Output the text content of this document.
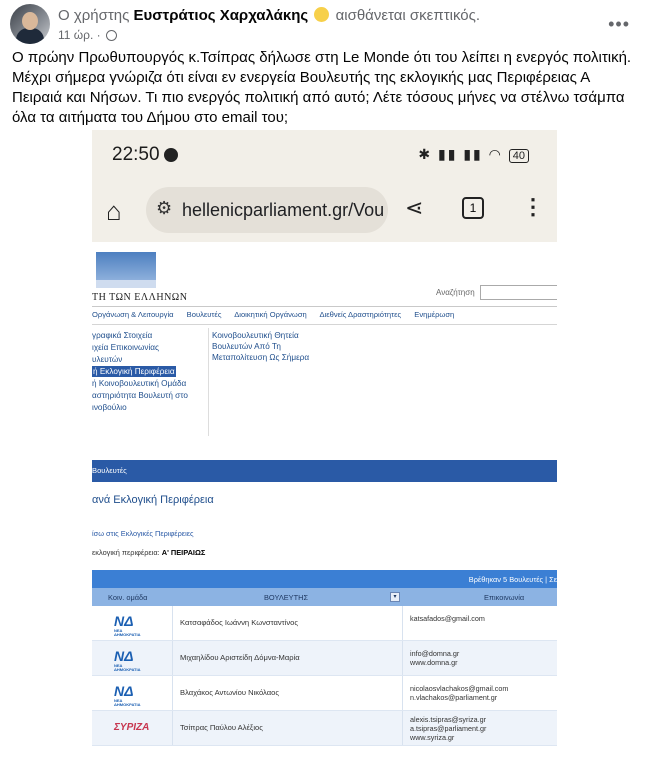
Ο χρήστης Ευστράτιος Χαρχαλάκης αισθάνεται σκεπτικός.
11 ώρ. ·
•••

Ο πρώην Πρωθυπουργός κ.Τσίπρας δήλωσε στη Le Monde ότι του λείπει η ενεργός πολιτική. Μέχρι σήμερα γνώριζα ότι είναι εν ενεργεία Βουλευτής της εκλογικής μας Περιφέρειας Α Πειραιά και Νήσων. Τι πιο ενεργός πολιτική από αυτό; Λέτε τόσους μήνες να στέλνω τσάμπα όλα τα αιτήματα του Δήμου στο email του;

22:50	✱ ▮▮ ▮▮ ◠ 40
⌂ ⚙ hellenicparliament.gr/Vou ⋖	1	⋮
ΤΗ ΤΩΝ ΕΛΛΗΝΩΝ	Αναζήτηση
Οργάνωση & Λειτουργία Βουλευτές Διοικητική Οργάνωση Διεθνείς Δραστηριότητες Ενημέρωση
γραφικά Στοιχεία
ιχεία Επικοινωνίας
υλευτών
ή Εκλογική Περιφέρεια
ή Κοινοβουλευτική Ομάδα
αστηριότητα Βουλευτή στο
ινοβούλιο
Κοινοβουλευτική Θητεία
Βουλευτών Από Τη
Μεταπολίτευση Ως Σήμερα
Βουλευτές
ανά Εκλογική Περιφέρεια
ίσω στις Εκλογικές Περιφέρειες
εκλογική περιφέρεια: Α' ΠΕΙΡΑΙΩΣ
Βρέθηκαν 5 Βουλευτές | Σε
Κοιν. ομάδα	ΒΟΥΛΕΥΤΗΣ	▾	Επικοινωνία
ΝΔ
ΝΕΑ ΔΗΜΟΚΡΑΤΙΑ
Κατσαφάδος Ιωάννη Κωνσταντίνος	katsafados@gmail.com
ΝΔ
ΝΕΑ ΔΗΜΟΚΡΑΤΙΑ
Μιχαηλίδου Αριστείδη Δόμνα-Μαρία	info@domna.gr
www.domna.gr
ΝΔ
ΝΕΑ ΔΗΜΟΚΡΑΤΙΑ
Βλαχάκος Αντωνίου Νικόλαος	nicolaosvlachakos@gmail.com
n.vlachakos@parliament.gr
ΣΥΡΙΖΑ	Τσίπρας Παύλου Αλέξιος
alexis.tsipras@syriza.gr
a.tsipras@parliament.gr
www.syriza.gr
